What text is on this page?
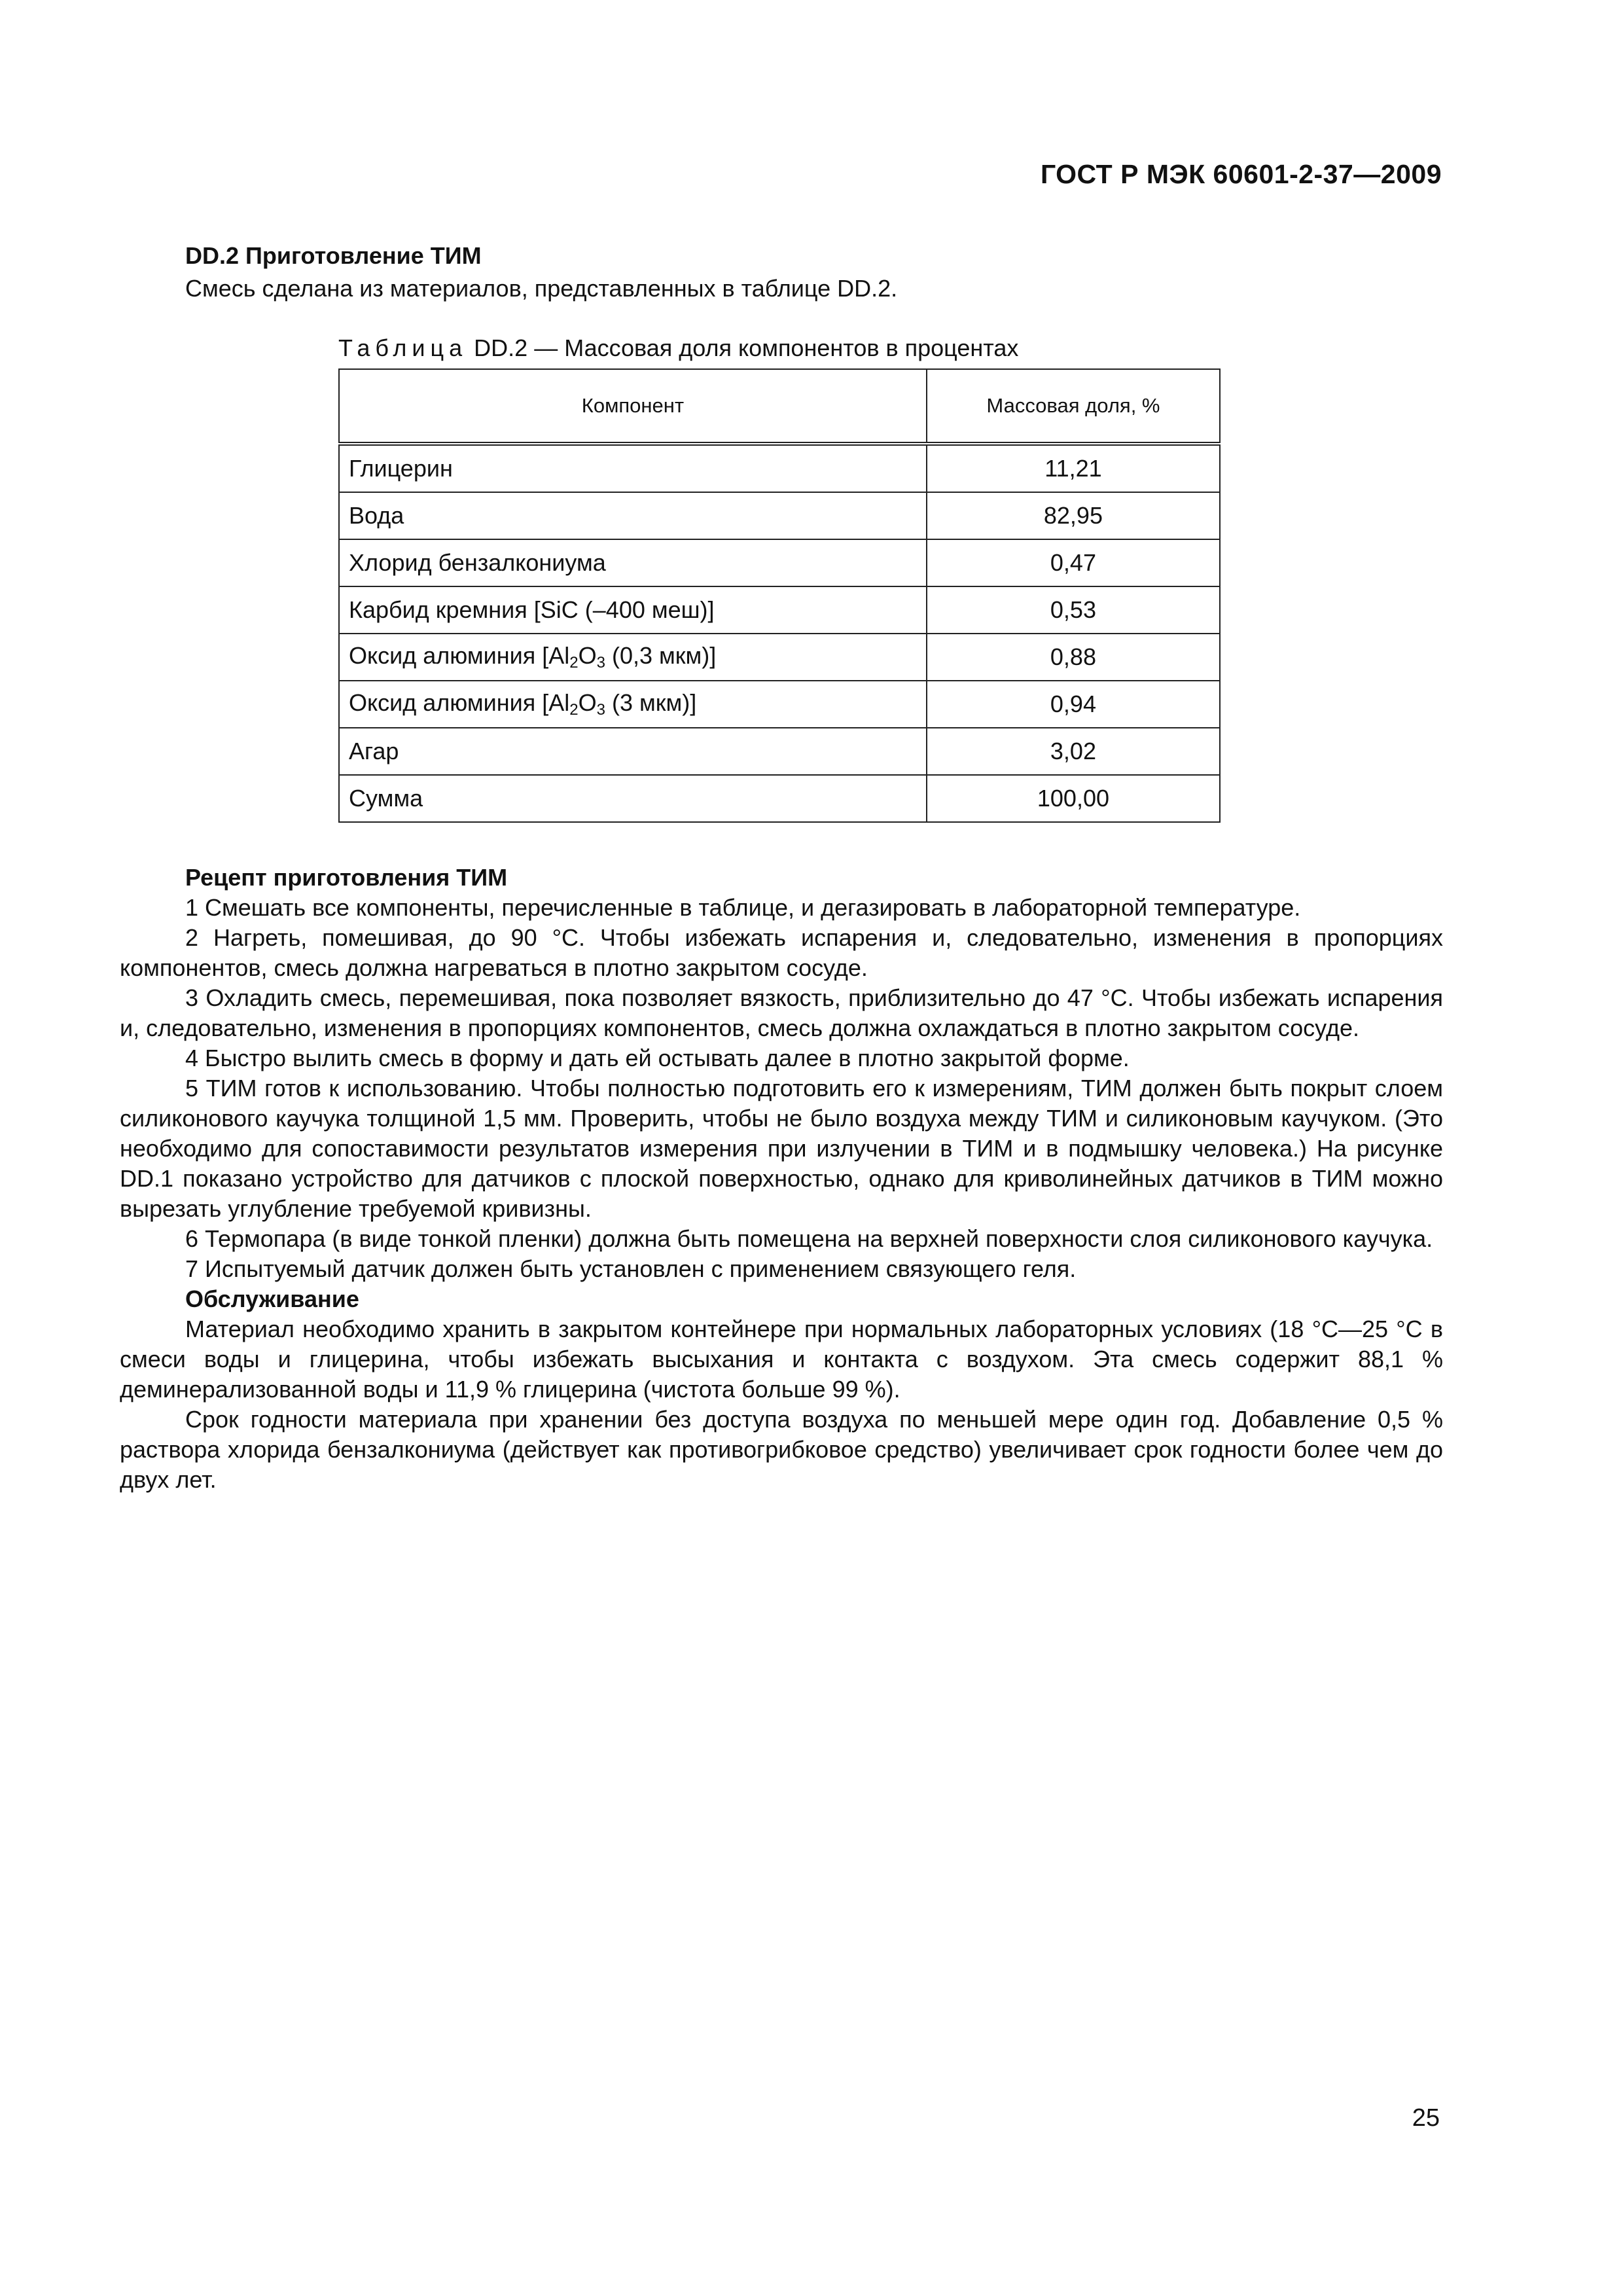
ГОСТ Р МЭК 60601-2-37—2009
DD.2 Приготовление ТИМ
Смесь сделана из материалов, представленных в таблице DD.2.
Таблица DD.2 — Массовая доля компонентов в процентах
Компонент	Массовая доля, %
Глицерин	11,21
Вода	82,95
Хлорид бензалкониума	0,47
Карбид кремния [SiC (–400 меш)]	0,53
Оксид алюминия [$Al_2O_3$ (0,3 мкм)]	0,88
Оксид алюминия [$Al_2O_3$ (3 мкм)]	0,94
Агар	3,02
Сумма	100,00
Рецепт приготовления ТИМ

1 Смешать все компоненты, перечисленные в таблице, и дегазировать в лабораторной температуре.

2 Нагреть, помешивая, до 90 °С. Чтобы избежать испарения и, следовательно, изменения в пропорциях компонентов, смесь должна нагреваться в плотно закрытом сосуде.

3 Охладить смесь, перемешивая, пока позволяет вязкость, приблизительно до 47 °С. Чтобы избежать испарения и, следовательно, изменения в пропорциях компонентов, смесь должна охлаждаться в плотно закрытом сосуде.

4 Быстро вылить смесь в форму и дать ей остывать далее в плотно закрытой форме.

5 ТИМ готов к использованию. Чтобы полностью подготовить его к измерениям, ТИМ должен быть покрыт слоем силиконового каучука толщиной 1,5 мм. Проверить, чтобы не было воздуха между ТИМ и силиконовым каучуком. (Это необходимо для сопоставимости результатов измерения при излучении в ТИМ и в подмышку человека.) На рисунке DD.1 показано устройство для датчиков с плоской поверхностью, однако для криволинейных датчиков в ТИМ можно вырезать углубление требуемой кривизны.

6 Термопара (в виде тонкой пленки) должна быть помещена на верхней поверхности слоя силиконового каучука.

7 Испытуемый датчик должен быть установлен с применением связующего геля.

Обслуживание

Материал необходимо хранить в закрытом контейнере при нормальных лабораторных условиях (18 °С—25 °С в смеси воды и глицерина, чтобы избежать высыхания и контакта с воздухом. Эта смесь содержит 88,1 % деминерализованной воды и 11,9 % глицерина (чистота больше 99 %).

Срок годности материала при хранении без доступа воздуха по меньшей мере один год. Добавление 0,5 % раствора хлорида бензалкониума (действует как противогрибковое средство) увеличивает срок годности более чем до двух лет.

25
